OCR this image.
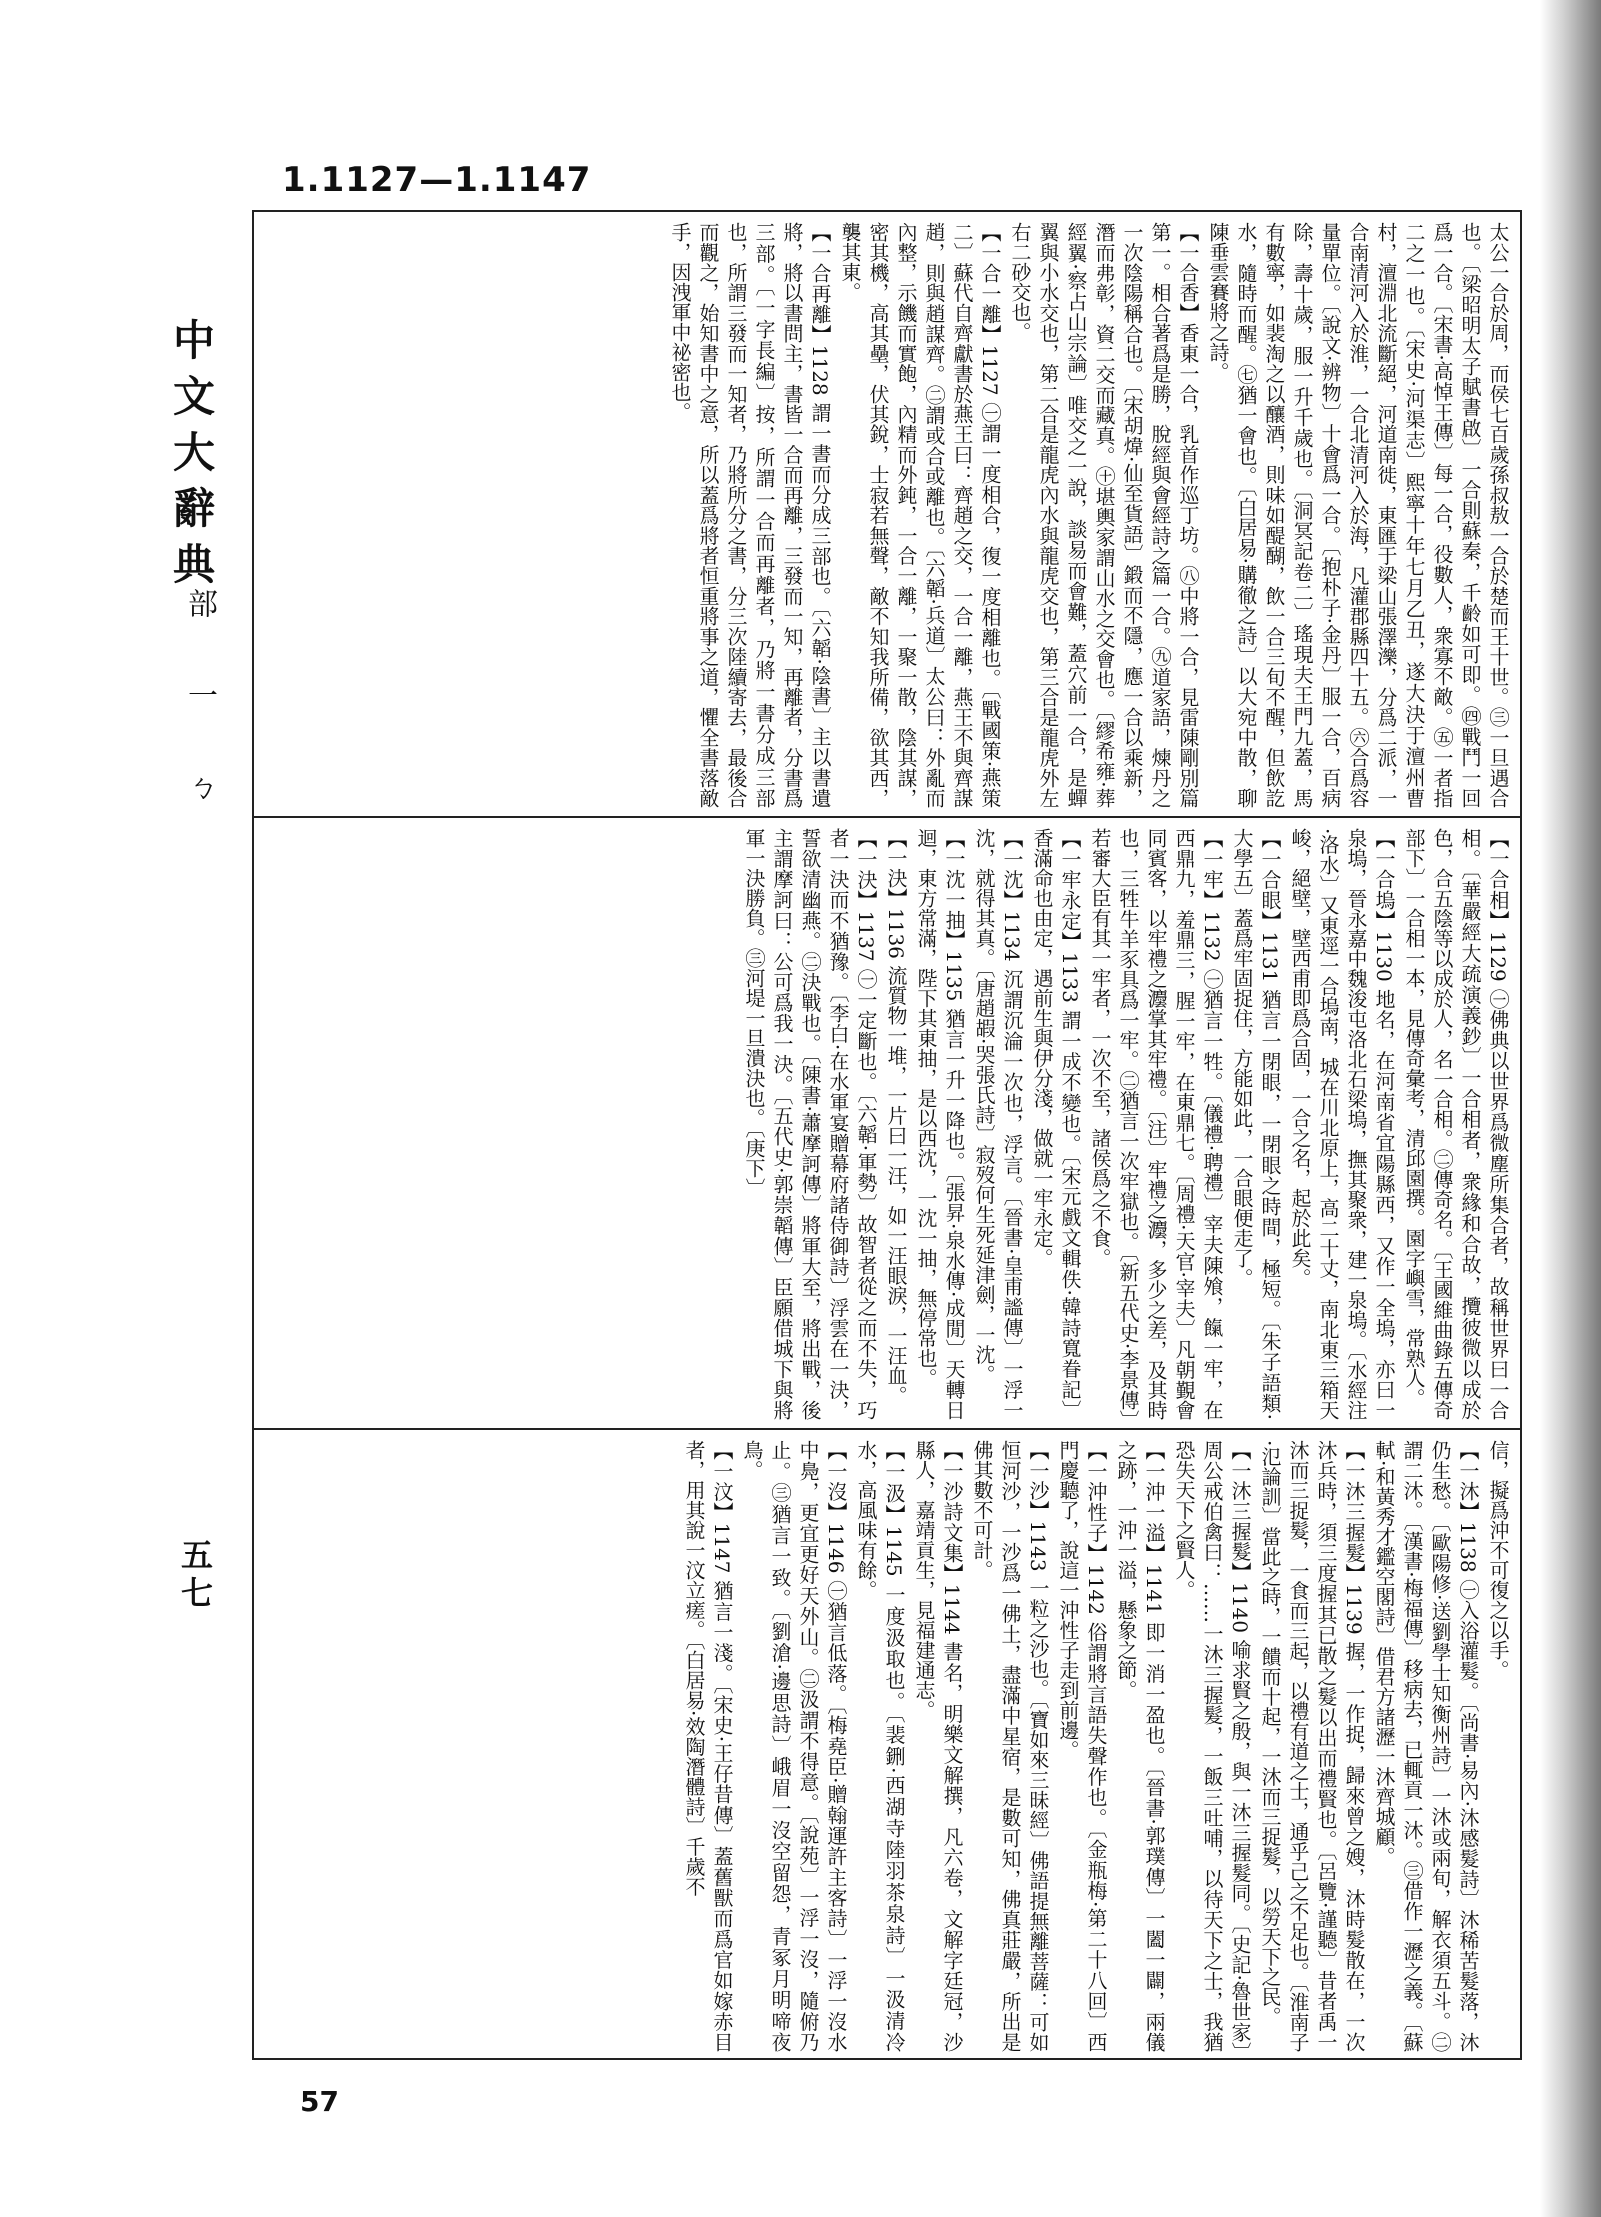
1.1127—1.1147
中文大辭典
部 一 ㄅ
五七

太公一合於周，而侯七百歲孫叔敖一合於楚而王十世。㊂一旦遇合也。〔梁昭明太子賦書啟〕一合則蘇秦，千齡如可即。㊃戰鬥一回爲一合。〔宋書·高悼王傳〕每一合，役數人，衆寡不敵。㊄一者指二之一也。〔宋史·河渠志〕熙寧十年七月乙丑，遂大決于澶州曹村，澶淵北流斷絕，河道南徙，東匯于梁山張澤濼，分爲二派，一合南清河入於淮，一合北清河入於海，凡灌郡縣四十五。㊅合爲容量單位。〔說文·辨物〕十會爲一合。〔抱朴子·金丹〕服一合，百病除，壽十歲，服一升千歲也。〔洞冥記卷二〕瑤現夫王門九蓋，馬有數寧，如裴淘之以釀酒，則味如醍醐，飲一合三旬不醒，但飲訖水，隨時而醒。㊆猶一會也。〔白居易·購徹之詩〕以大宛中散，聊陳垂雲賽將之詩。

【一合香】香東一合，乳首作巡丁坊。㊇中將一合，見雷陳剛別篇第一。相合著爲是勝，脫經與會經詩之篇一合。㊈道家語，煉丹之一次陰陽稱合也。〔宋胡煒·仙至貨語〕鍛而不隱，應一合以乘新，潛而弗彰，資二交而藏真。㊉堪輿家謂山水之交會也。〔繆希雍·葬經翼·察占山宗論〕唯交之一說，談易而會難，蓋穴前一合，是蟬翼與小水交也，第二合是龍虎內水與龍虎交也，第三合是龍虎外左右二砂交也。

【一合一離】1127 ㊀謂一度相合，復一度相離也。〔戰國策·燕策二〕蘇代自齊獻書於燕王曰：齊趙之交，一合一離，燕王不與齊謀趙，則與趙謀齊。㊁謂或合或離也。〔六韜·兵道〕太公曰：外亂而內整，示饑而實飽，內精而外鈍，一合一離，一聚一散，陰其謀，密其機，高其壘，伏其銳，士寂若無聲，敵不知我所備，欲其西，襲其東。

【一合再離】1128 謂一書而分成三部也。〔六韜·陰書〕主以書遺將，將以書問主，書皆一合而再離，三發而一知，再離者，分書爲三部。〔一字長編〕按，所謂一合而再離者，乃將一書分成三部也，所謂三發而一知者，乃將所分之書，分三次陸續寄去，最後合而觀之，始知書中之意，所以蓋爲將者恒重將事之道，懼全書落敵手，因洩軍中祕密也。

【一合相】1129 ㊀佛典以世界爲微塵所集合者，故稱世界曰一合相。〔華嚴經大疏演義鈔〕一合相者，衆緣和合故，攬彼微以成於色，合五陰等以成於人，名一合相。㊁傳奇名。〔王國維曲錄五傳奇部下〕一合相一本，見傳奇彙考，清邱園撰。園字嶼雪，常熟人。

【一合塢】1130 地名，在河南省宜陽縣西，又作一全塢，亦曰一泉塢，晉永嘉中魏浚屯洛北石梁塢，撫其聚衆，建一泉塢。〔水經注·洛水〕又東逕一合塢南，城在川北原上，高二十丈，南北東三箱天峻，絕壁，壁西甫即爲合固，一合之名，起於此矣。

【一合眼】1131 猶言一閉眼，一閉眼之時間，極短。〔朱子語類·大學五〕蓋爲牢固捉住，方能如此，一合眼便走了。

【一牢】1132 ㊀猶言一牲。〔儀禮·聘禮〕宰夫陳飧，餼一牢，在西鼎九，羞鼎三，腥一牢，在東鼎七。〔周禮·天官·宰夫〕凡朝覲會同賓客，以牢禮之灋掌其牢禮。〔注〕牢禮之灋，多少之差，及其時也，三牲牛羊豕具爲一牢。㊁猶言一次牢獄也。〔新五代史·李景傳〕若審大臣有其一牢者，一次不至，諸侯爲之不食。

【一牢永定】1133 謂一成不變也。〔宋元戲文輯佚·韓詩寬眷記〕香滿命也由定，遇前生與伊分淺，做就一牢永定。

【一沈】1134 沉謂沉淪一次也，浮言。〔晉書·皇甫謐傳〕一浮一沈，就得其真。〔唐趙嘏·哭張氏詩〕寂歿何生死延津劍，一沈。

【一沈一抽】1135 猶言一升一降也。〔張昇·泉水傳·成閒〕天轉日迴，東方常滿，陛下其東抽，是以西沈，一沈一抽，無停常也。

【一決】1136 流質物一堆，一片曰一汪，如一汪眼淚，一汪血。

【一決】1137 ㊀一定斷也。〔六韜·軍勢〕故智者從之而不失，巧者一決而不猶豫。〔李白·在水軍宴贈幕府諸侍御詩〕浮雲在一決，誓欲清幽燕。㊁決戰也。〔陳書·蕭摩訶傳〕將軍大至，將出戰，後主謂摩訶曰：公可爲我一決。〔五代史·郭崇韜傳〕臣願借城下與將軍一決勝負。㊂河堤一旦潰決也。〔庚下〕

信，擬爲沖不可復之以手。

【一沐】1138 ㊀入浴灌髮。〔尚書·易內·沐感髮詩〕沐稀苦髮落，沐仍生愁。〔歐陽修·送劉學士知衡州詩〕一沐或兩旬，解衣須五斗。㊁謂二沐。〔漢書·梅福傳〕移病去，已輒貢一沐。㊂借作一瀝之義。〔蘇軾·和黃秀才鑑空閣詩〕借君方諸瀝一沐齊城顧。

【一沐三握髮】1139 握，一作捉，歸來曾之嫂，沐時髮散在，一次沐兵時，須三度握其已散之髮以出而禮賢也。〔呂覽·謹聽〕昔者禹一沐而三捉髮，一食而三起，以禮有道之士，通乎己之不足也。〔淮南子·氾論訓〕當此之時，一饋而十起，一沐而三捉髮，以勞天下之民。

【一沐三握髮】1140 喻求賢之殷，與一沐三握髮同。〔史記·魯世家〕周公戒伯禽曰：……一沐三握髮，一飯三吐哺，以待天下之士，我猶恐失天下之賢人。

【一沖一溢】1141 即一消一盈也。〔晉書·郭璞傳〕一闔一闢，兩儀之跡，一沖一溢，懸象之節。

【一沖性子】1142 俗謂將言語失聲作也。〔金瓶梅·第二十八回〕西門慶聽了，說這一沖性子走到前邊。

【一沙】1143 一粒之沙也。〔寶如來三昧經〕佛語提無離菩薩：可如恒河沙，一沙爲一佛土，盡滿中星宿，是數可知，佛真莊嚴，所出是佛其數不可計。

【一沙詩文集】1144 書名，明樂文解撰，凡六卷，文解字廷冠，沙縣人，嘉靖貢生，見福建通志。

【一汲】1145 一度汲取也。〔裴鉶·西湖寺陸羽茶泉詩〕一汲清冷水，高風味有餘。

【一沒】1146 ㊀猶言低落。〔梅堯臣·贈翰運許主客詩〕一浮一沒水中鳧，更宜更好天外山。㊁汲謂不得意。〔說苑〕一浮一沒，隨俯乃止。㊂猶言一致。〔劉滄·邊思詩〕峨眉一沒空留怨，青冢月明啼夜鳥。

【一汶】1147 猶言一淺。〔宋史·王仔昔傳〕蓋舊獸而爲官如嫁赤目者，用其說一汶立瘥。〔白居易·效陶潛體詩〕千歲不

57
